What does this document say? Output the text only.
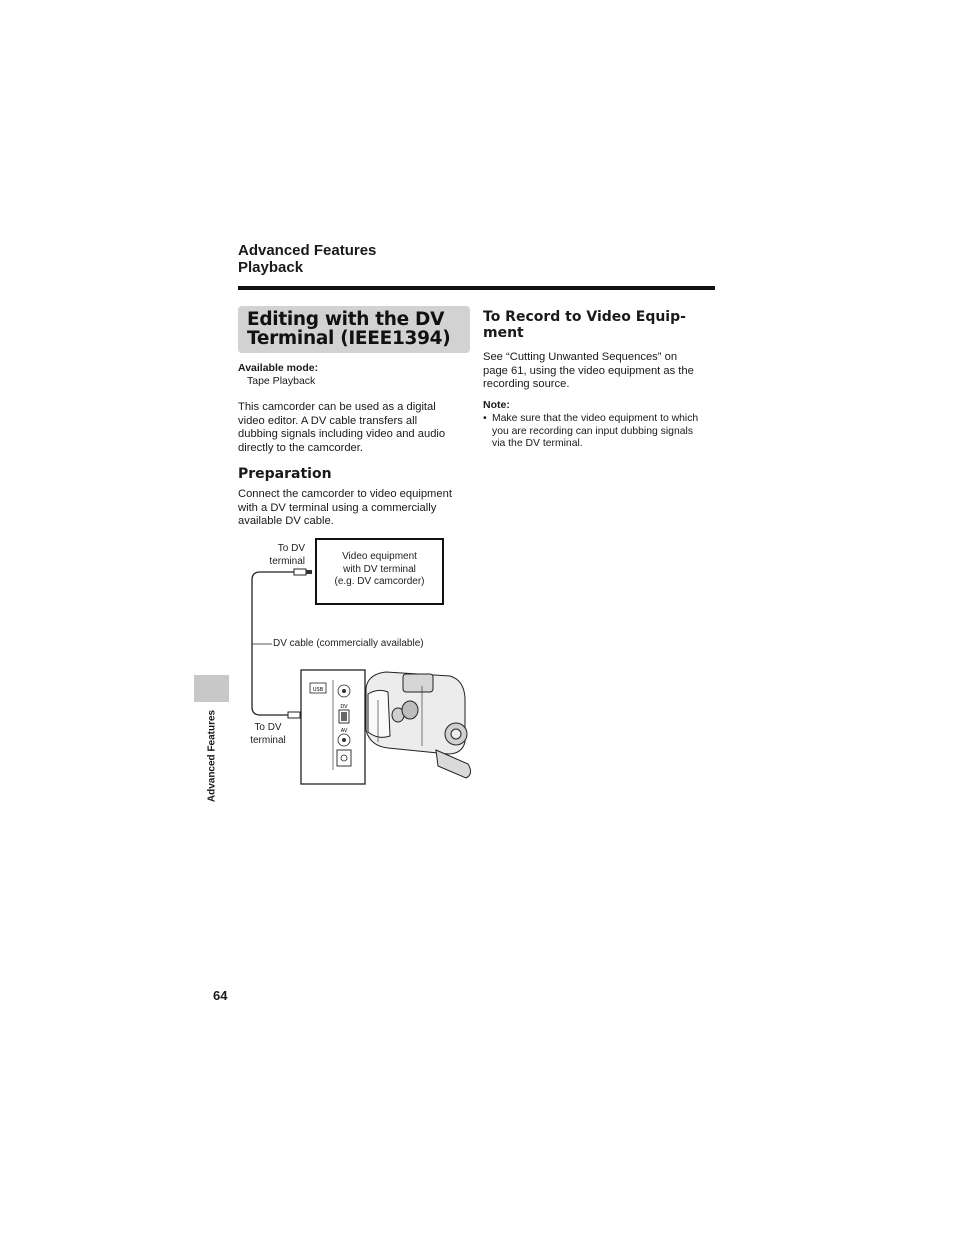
Advanced Features
Playback
Editing with the DV
Terminal (IEEE1394)
Available mode:
Tape Playback
This camcorder can be used as a digital
video editor. A DV cable transfers all
dubbing signals including video and audio
directly to the camcorder.
Preparation
Connect the camcorder to video equipment
with a DV terminal using a commercially
available DV cable.
To DV
terminal	Video equipment
with DV terminal
(e.g. DV camcorder)
DV cable (commercially available)
To DV
terminal
USB
DV
AV
To Record to Video Equip-
ment
See “Cutting Unwanted Sequences” on
page 61, using the video equipment as the
recording source.
Note:
• Make sure that the video equipment to which
you are recording can input dubbing signals
via the DV terminal.
Advanced Features
64
